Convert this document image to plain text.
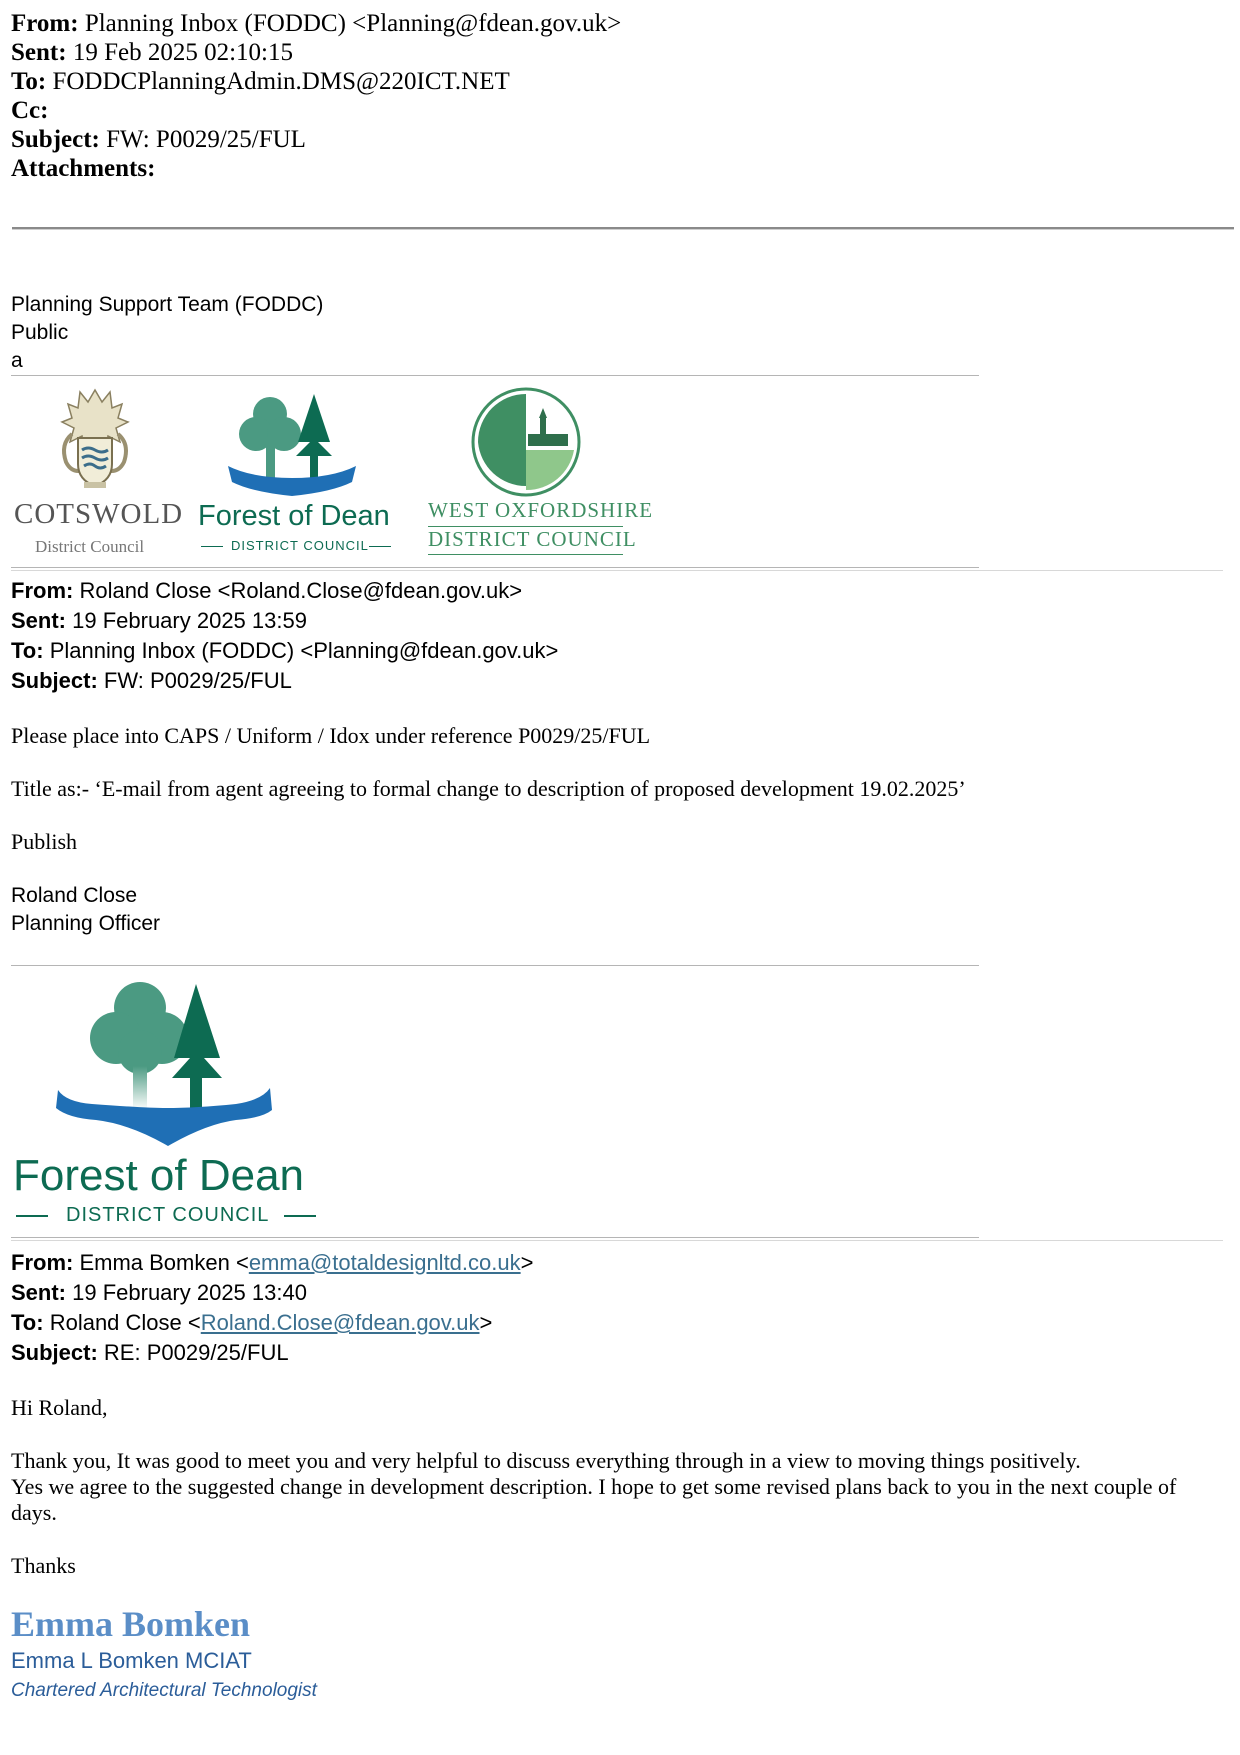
From: Planning Inbox (FODDC) <Planning@fdean.gov.uk>
Sent: 19 Feb 2025 02:10:15
To: FODDCPlanningAdmin.DMS@220ICT.NET
Cc:
Subject: FW: P0029/25/FUL
Attachments:
Planning Support Team (FODDC)
Public
a
COTSWOLD
District Council
Forest of Dean
DISTRICT COUNCIL
WEST OXFORDSHIRE
DISTRICT COUNCIL
From: Roland Close <Roland.Close@fdean.gov.uk>
Sent: 19 February 2025 13:59
To: Planning Inbox (FODDC) <Planning@fdean.gov.uk>
Subject: FW: P0029/25/FUL
Please place into CAPS / Uniform / Idox under reference P0029/25/FUL
Title as:- ‘E-mail from agent agreeing to formal change to description of proposed development 19.02.2025’
Publish
Roland Close
Planning Officer
Forest of Dean
DISTRICT COUNCIL
From: Emma Bomken <emma@totaldesignltd.co.uk>
Sent: 19 February 2025 13:40
To: Roland Close <Roland.Close@fdean.gov.uk>
Subject: RE: P0029/25/FUL
Hi Roland,
Thank you, It was good to meet you and very helpful to discuss everything through in a view to moving things positively.
Yes we agree to the suggested change in development description. I hope to get some revised plans back to you in the next couple of days.
Thanks
Emma Bomken
Emma L Bomken MCIAT
Chartered Architectural Technologist
